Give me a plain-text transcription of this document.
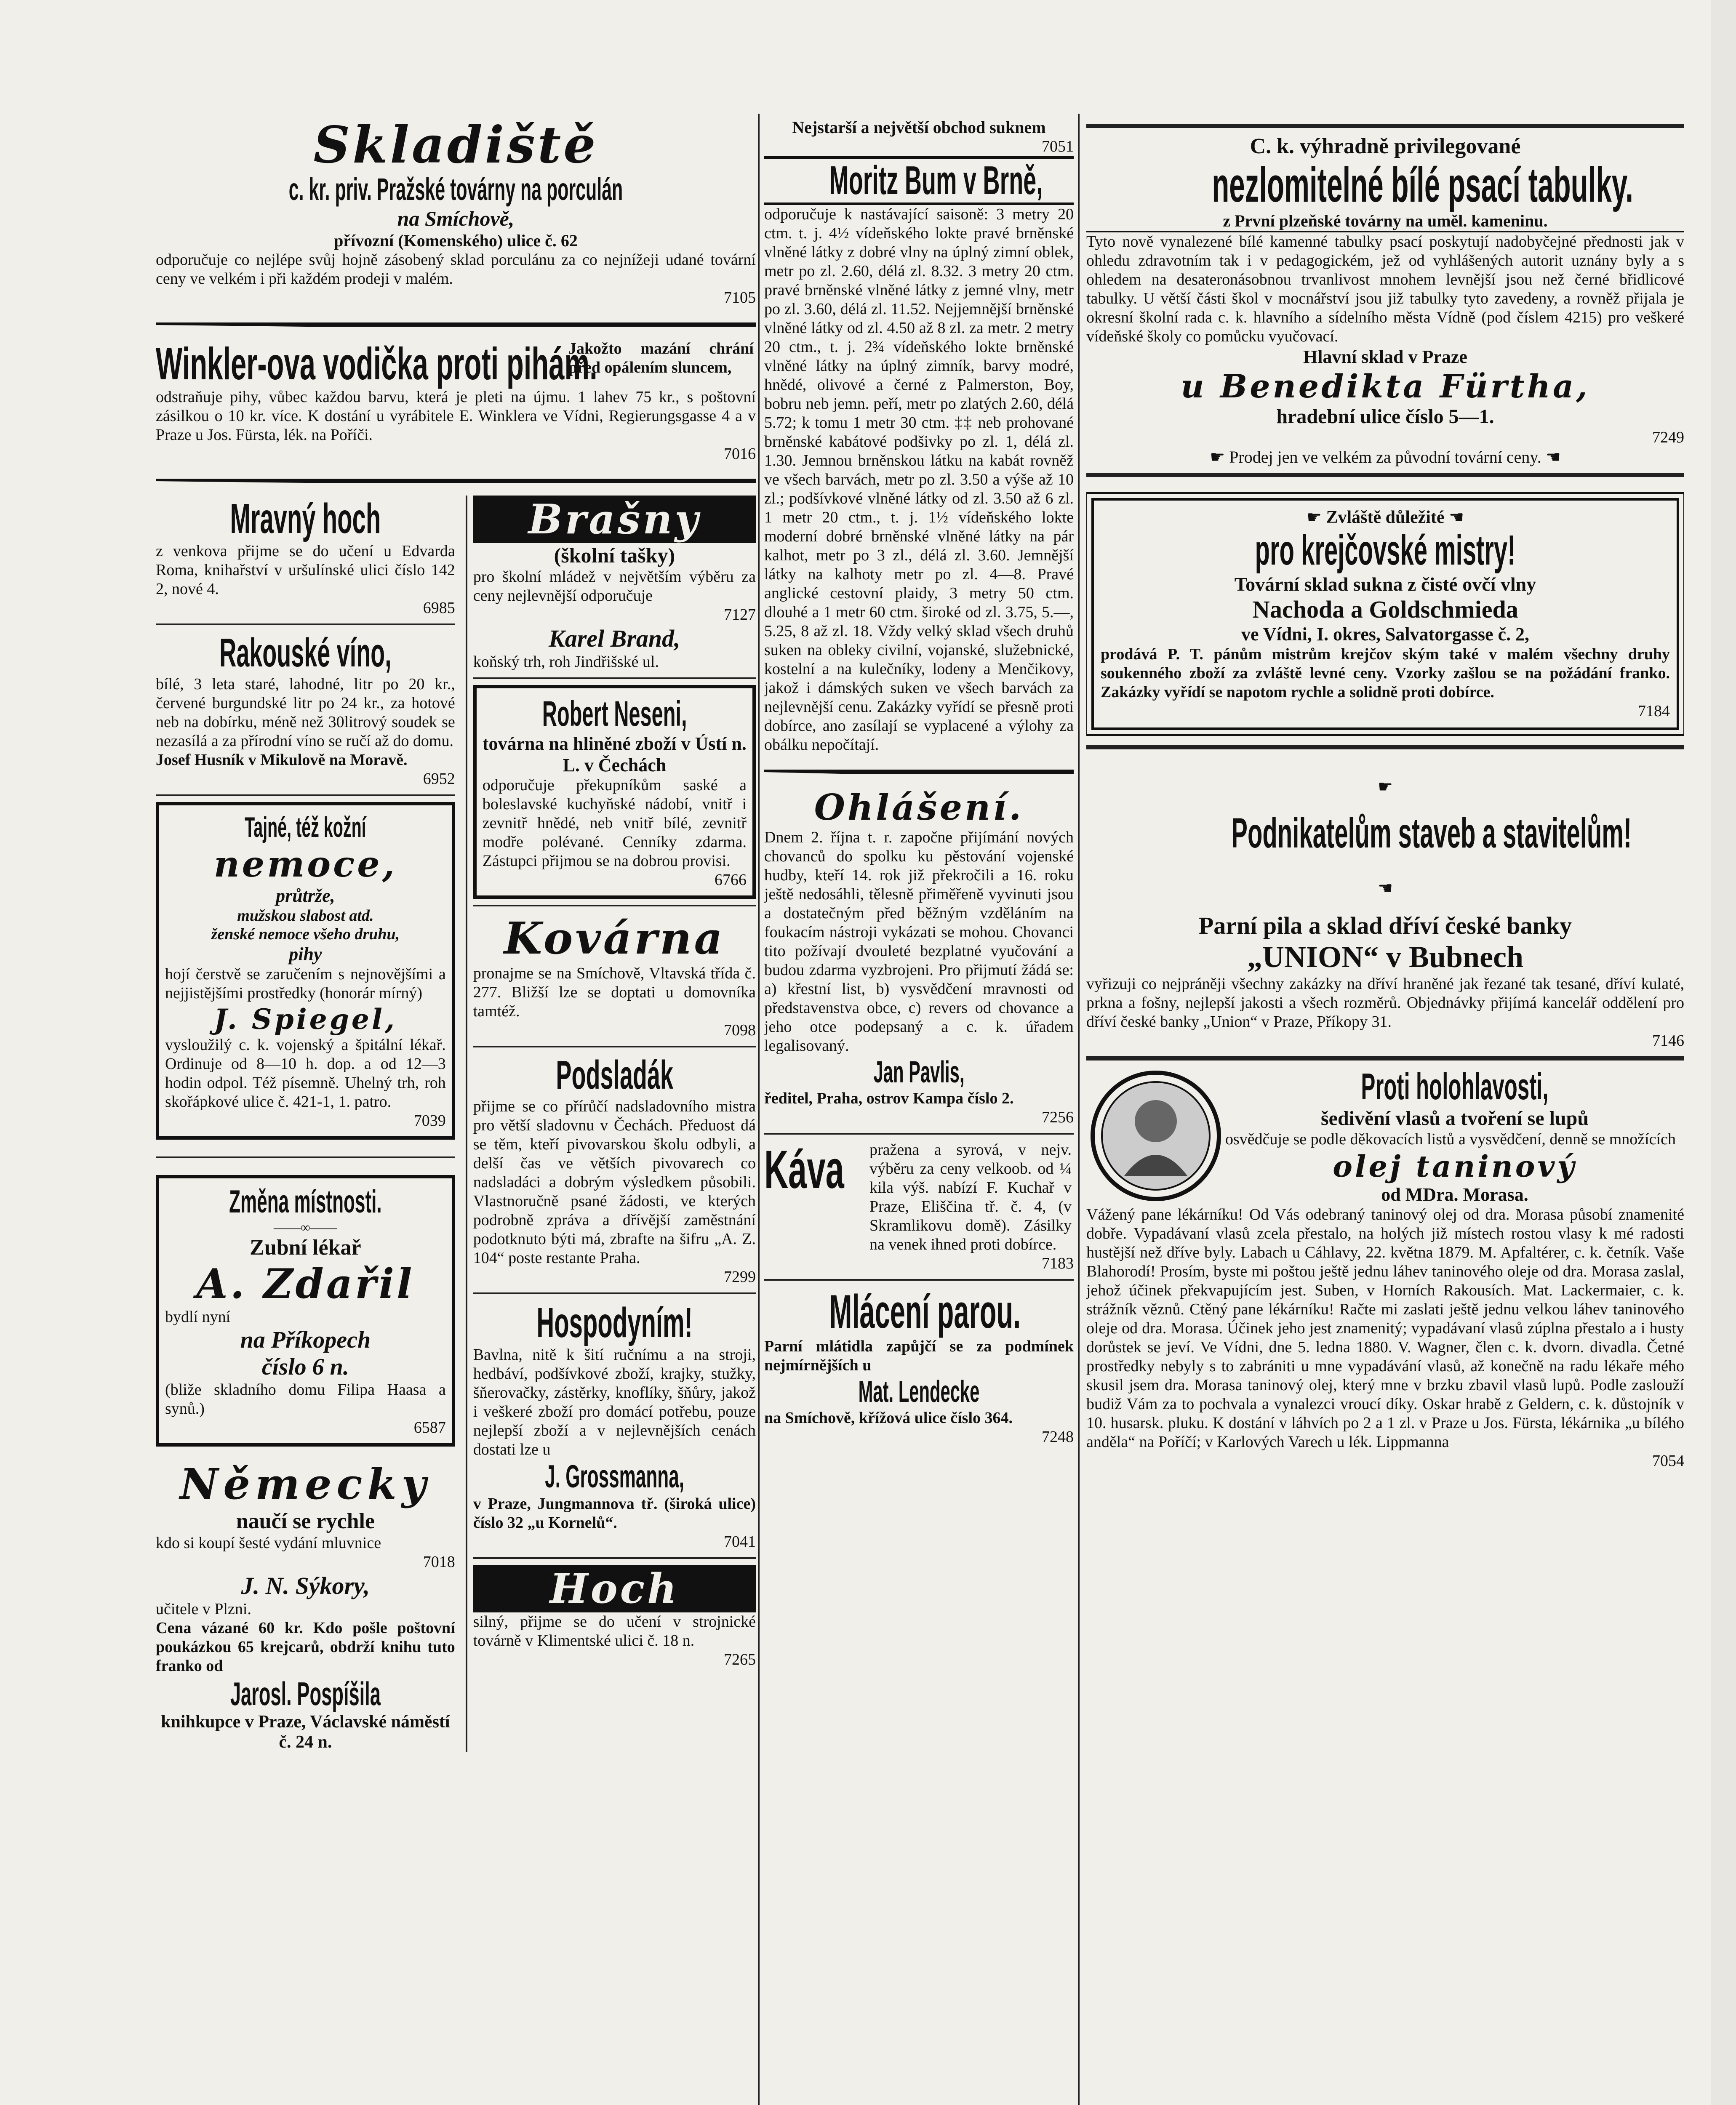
Skladiště
c. kr. priv. Pražské továrny na porculán
na Smíchově,
přívozní (Komenského) ulice č. 62
odporučuje co nejlépe svůj hojně zásobený sklad porculánu za co nejnížeji udané tovární ceny ve velkém i při každém prodeji v malém.
7105
Winkler-ova vodička proti pihám.
Jakožto mazání chrání před opálením sluncem,
odstraňuje pihy, vůbec každou barvu, která je pleti na újmu. 1 lahev 75 kr., s poštovní zásilkou o 10 kr. více. K dostání u vyrábitele E. Winklera ve Vídni, Regierungsgasse 4 a v Praze u Jos. Fürsta, lék. na Poříči.
7016
Mravný hoch
z venkova přijme se do učení u Edvarda Roma, knihařství v uršulínské ulici číslo 142 2, nové 4.
6985
Rakouské víno,
bílé, 3 leta staré, lahodné, litr po 20 kr., červené burgundské litr po 24 kr., za hotové neb na dobírku, méně než 30litrový soudek se nezasílá a za přírodní víno se ručí až do domu.
Josef Husník v Mikulově na Moravě.
6952
Tajné, též kožní
nemoce,
průtrže,
mužskou slabost atd.
ženské nemoce všeho druhu,
pihy
hojí čerstvě se zaručením s nejnovějšími a nejjistějšími prostředky (honorár mírný)
J. Spiegel,
vysloužilý c. k. vojenský a špitální lékař. Ordinuje od 8—10 h. dop. a od 12—3 hodin odpol. Též písemně. Uhelný trh, roh skořápkové ulice č. 421-1, 1. patro.
7039
Změna místnosti.
——∞——
Zubní lékař
A. Zdařil
bydlí nyní
na Příkopech
číslo 6 n.
(bliže skladního domu Filipa Haasa a synů.)
6587
Německy
naučí se rychle
kdo si koupí šesté vydání mluvnice
7018
J. N. Sýkory,
učitele v Plzni.
Cena vázané 60 kr. Kdo pošle poštovní poukázkou 65 krejcarů, obdrží knihu tuto franko od
Jarosl. Pospíšila
knihkupce v Praze, Václavské náměstí č. 24 n.
Brašny
(školní tašky)
pro školní mládež v největším výběru za ceny nejlevnější odporučuje
7127
Karel Brand,
koňský trh, roh Jindřišské ul.
Robert Neseni,
továrna na hliněné zboží v Ústí n. L. v Čechách
odporučuje překupníkům saské a boleslavské kuchyňské nádobí, vnitř i zevnitř hnědé, neb vnitř bílé, zevnitř modře polévané. Cenníky zdarma. Zástupci přijmou se na dobrou provisi.
6766
Kovárna
pronajme se na Smíchově, Vltavská třída č. 277. Bližší lze se doptati u domovníka tamtéž.
7098
Podsladák
přijme se co přírůčí nadsladovního mistra pro větší sladovnu v Čechách. Předuost dá se těm, kteří pivovarskou školu odbyli, a delší čas ve větších pivovarech co nadsladáci a dobrým výsledkem působili. Vlastnoručně psané žádosti, ve kterých podrobně zpráva a dřívější zaměstnání podotknuto býti má, zbrafte na šifru „A. Z. 104“ poste restante Praha.
7299
Hospodyním!
Bavlna, nitě k šití ručnímu a na stroji, hedbáví, podšívkové zboží, krajky, stužky, šňerovačky, zástěrky, knoflíky, šňůry, jakož i veškeré zboží pro domácí potřebu, pouze nejlepší zboží a v nejlevnějších cenách dostati lze u
J. Grossmanna,
v Praze, Jungmannova tř. (široká ulice) číslo 32 „u Kornelů“.
7041
Hoch
silný, přijme se do učení v strojnické továrně v Klimentské ulici č. 18 n.
7265
Nejstarší a největší obchod suknem
7051
Moritz Bum v Brně,
odporučuje k nastávající saisoně: 3 metry 20 ctm. t. j. 4½ vídeňského lokte pravé brněnské vlněné látky z dobré vlny na úplný zimní oblek, metr po zl. 2.60, délá zl. 8.32. 3 metry 20 ctm. pravé brněnské vlněné látky z jemné vlny, metr po zl. 3.60, délá zl. 11.52. Nejjemnější brněnské vlněné látky od zl. 4.50 až 8 zl. za metr. 2 metry 20 ctm., t. j. 2¾ vídeňského lokte brněnské vlněné látky na úplný zimník, barvy modré, hnědé, olivové a černé z Palmerston, Boy, bobru neb jemn. peří, metr po zlatých 2.60, délá 5.72; k tomu 1 metr 30 ctm. ‡‡ neb prohované brněnské kabátové podšivky po zl. 1, délá zl. 1.30. Jemnou brněnskou látku na kabát rovněž ve všech barvách, metr po zl. 3.50 a výše až 10 zl.; podšívkové vlněné látky od zl. 3.50 až 6 zl. 1 metr 20 ctm., t. j. 1½ vídeňského lokte moderní dobré brněnské vlněné látky na pár kalhot, metr po 3 zl., délá zl. 3.60. Jemnější látky na kalhoty metr po zl. 4—8. Pravé anglické cestovní plaidy, 3 metry 50 ctm. dlouhé a 1 metr 60 ctm. široké od zl. 3.75, 5.—, 5.25, 8 až zl. 18. Vždy velký sklad všech druhů suken na obleky civilní, vojanské, služebnické, kostelní a na kulečníky, lodeny a Menčikovy, jakož i dámských suken ve všech barvách za nejlevnější cenu. Zakázky vyřídí se přesně proti dobírce, ano zasílají se vyplacené a výlohy za obálku nepočítají.
Ohlášení.
Dnem 2. října t. r. započne přijímání nových chovanců do spolku ku pěstování vojenské hudby, kteří 14. rok již překročili a 16. roku ještě nedosáhli, tělesně přiměřeně vyvinuti jsou a dostatečným před běžným vzděláním na foukacím nástroji vykázati se mohou. Chovanci tito požívají dvouleté bezplatné vyučování a budou zdarma vyzbrojeni. Pro přijmutí žádá se: a) křestní list, b) vysvědčení mravnosti od představenstva obce, c) revers od chovance a jeho otce podepsaný a c. k. úřadem legalisovaný.
Jan Pavlis,
ředitel, Praha, ostrov Kampa číslo 2.
7256
Káva pražena a syrová, v nejv. výběru za ceny velkoob. od ¼ kila výš. nabízí F. Kuchař v Praze, Eliščina tř. č. 4, (v Skramlikovu domě). Zásilky na venek ihned proti dobírce.
7183
Mlácení parou.
Parní mlátidla zapůjčí se za podmínek nejmírnějších u
Mat. Lendecke
na Smíchově, křížová ulice číslo 364.
7248
C. k. výhradně privilegované
nezlomitelné bílé psací tabulky.
z První plzeňské továrny na uměl. kameninu.
Tyto nově vynalezené bílé kamenné tabulky psací poskytují nadobyčejné přednosti jak v ohledu zdravotním tak i v pedagogickém, jež od vyhlášených autorit uznány byly a s ohledem na desateronásobnou trvanlivost mnohem levnější jsou než černé břidlicové tabulky. U větší části škol v mocnářství jsou již tabulky tyto zavedeny, a rovněž přijala je okresní školní rada c. k. hlavního a sídelního města Vídně (pod číslem 4215) pro veškeré vídeňské školy co pomůcku vyučovací.
Hlavní sklad v Praze
u Benedikta Fürtha,
hradební ulice číslo 5—1.
7249
☛ Prodej jen ve velkém za původní tovární ceny. ☚
☛ Zvláště důležité ☚
pro krejčovské mistry!
Tovární sklad sukna z čisté ovčí vlny
Nachoda a Goldschmieda
ve Vídni, I. okres, Salvatorgasse č. 2,
prodává P. T. pánům mistrům krejčov ským také v malém všechny druhy soukenného zboží za zvláště levné ceny. Vzorky zašlou se na požádání franko. Zakázky vyřídí se napotom rychle a solidně proti dobírce.
7184
☛Podnikatelům staveb a stavitelům!☚
Parní pila a sklad dříví české banky
„UNION“ v Bubnech
vyřizuji co nejpráněji všechny zakázky na dříví hraněné jak řezané tak tesané, dříví kulaté, prkna a fošny, nejlepší jakosti a všech rozměrů. Objednávky přijímá kancelář oddělení pro dříví české banky „Union“ v Praze, Příkopy 31.
7146
Proti holohlavosti,
šedivění vlasů a tvoření se lupů
osvědčuje se podle děkovacích listů a vysvědčení, denně se množících
olej taninový
od MDra. Morasa.
Vážený pane lékárníku! Od Vás odebraný taninový olej od dra. Morasa působí znamenité dobře. Vypadávaní vlasů zcela přestalo, na holých již místech rostou vlasy k mé radosti hustější než dříve byly. Labach u Cáhlavy, 22. května 1879. M. Apfaltérer, c. k. četník. Vaše Blahorodí! Prosím, byste mi poštou ještě jednu láhev taninového oleje od dra. Morasa zaslal, jehož účinek překvapujícím jest. Suben, v Horních Rakousích. Mat. Lackermaier, c. k. strážník věznů. Ctěný pane lékárníku! Račte mi zaslati ještě jednu velkou láhev taninového oleje od dra. Morasa. Účinek jeho jest znamenitý; vypadávaní vlasů zúplna přestalo a i husty dorůstek se jeví. Ve Vídni, dne 5. ledna 1880. V. Wagner, člen c. k. dvorn. divadla. Četné prostředky nebyly s to zabrániti u mne vypadávání vlasů, až konečně na radu lékaře mého skusil jsem dra. Morasa taninový olej, který mne v brzku zbavil vlasů lupů. Podle zaslouží budiž Vám za to pochvala a vynalezci vroucí díky. Oskar hrabě z Geldern, c. k. důstojník v 10. husarsk. pluku. K dostání v láhvích po 2 a 1 zl. v Praze u Jos. Fürsta, lékárnika „u bílého anděla“ na Poříčí; v Karlových Varech u lék. Lippmanna
7054
